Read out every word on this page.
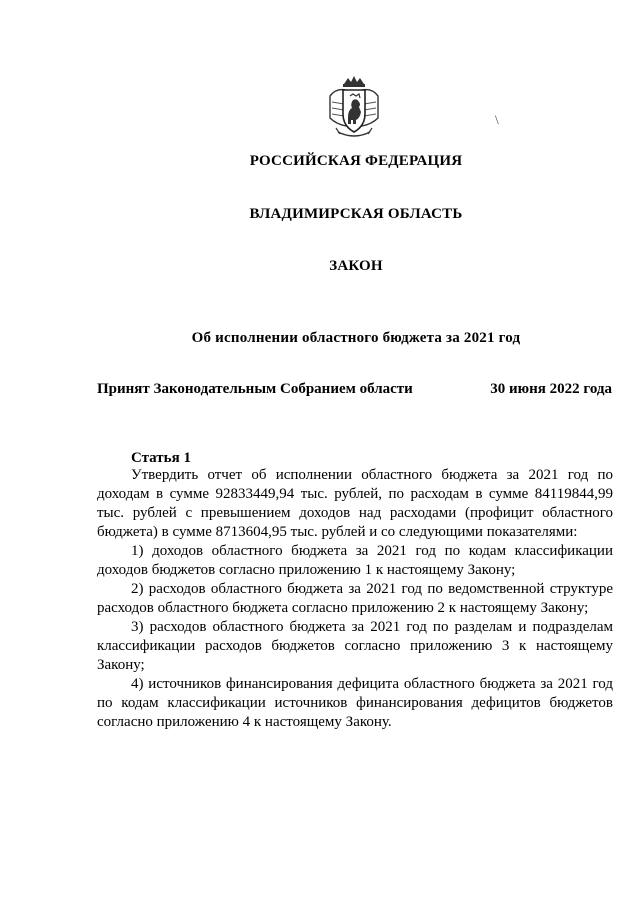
\
РОССИЙСКАЯ ФЕДЕРАЦИЯ
ВЛАДИМИРСКАЯ ОБЛАСТЬ
ЗАКОН
Об исполнении областного бюджета за 2021 год
Принят Законодательным Собранием области	30 июня 2022 года
Статья 1

Утвердить отчет об исполнении областного бюджета за 2021 год по доходам в сумме 92833449,94 тыс. рублей, по расходам в сумме 84119844,99 тыс. рублей с превышением доходов над расходами (профицит областного бюджета) в сумме 8713604,95 тыс. рублей и со следующими показателями:

1) доходов областного бюджета за 2021 год по кодам классификации доходов бюджетов согласно приложению 1 к настоящему Закону;

2) расходов областного бюджета за 2021 год по ведомственной структуре расходов областного бюджета согласно приложению 2 к настоящему Закону;

3) расходов областного бюджета за 2021 год по разделам и подразделам классификации расходов бюджетов согласно приложению 3 к настоящему Закону;

4) источников финансирования дефицита областного бюджета за 2021 год по кодам классификации источников финансирования дефицитов бюджетов согласно приложению 4 к настоящему Закону.
